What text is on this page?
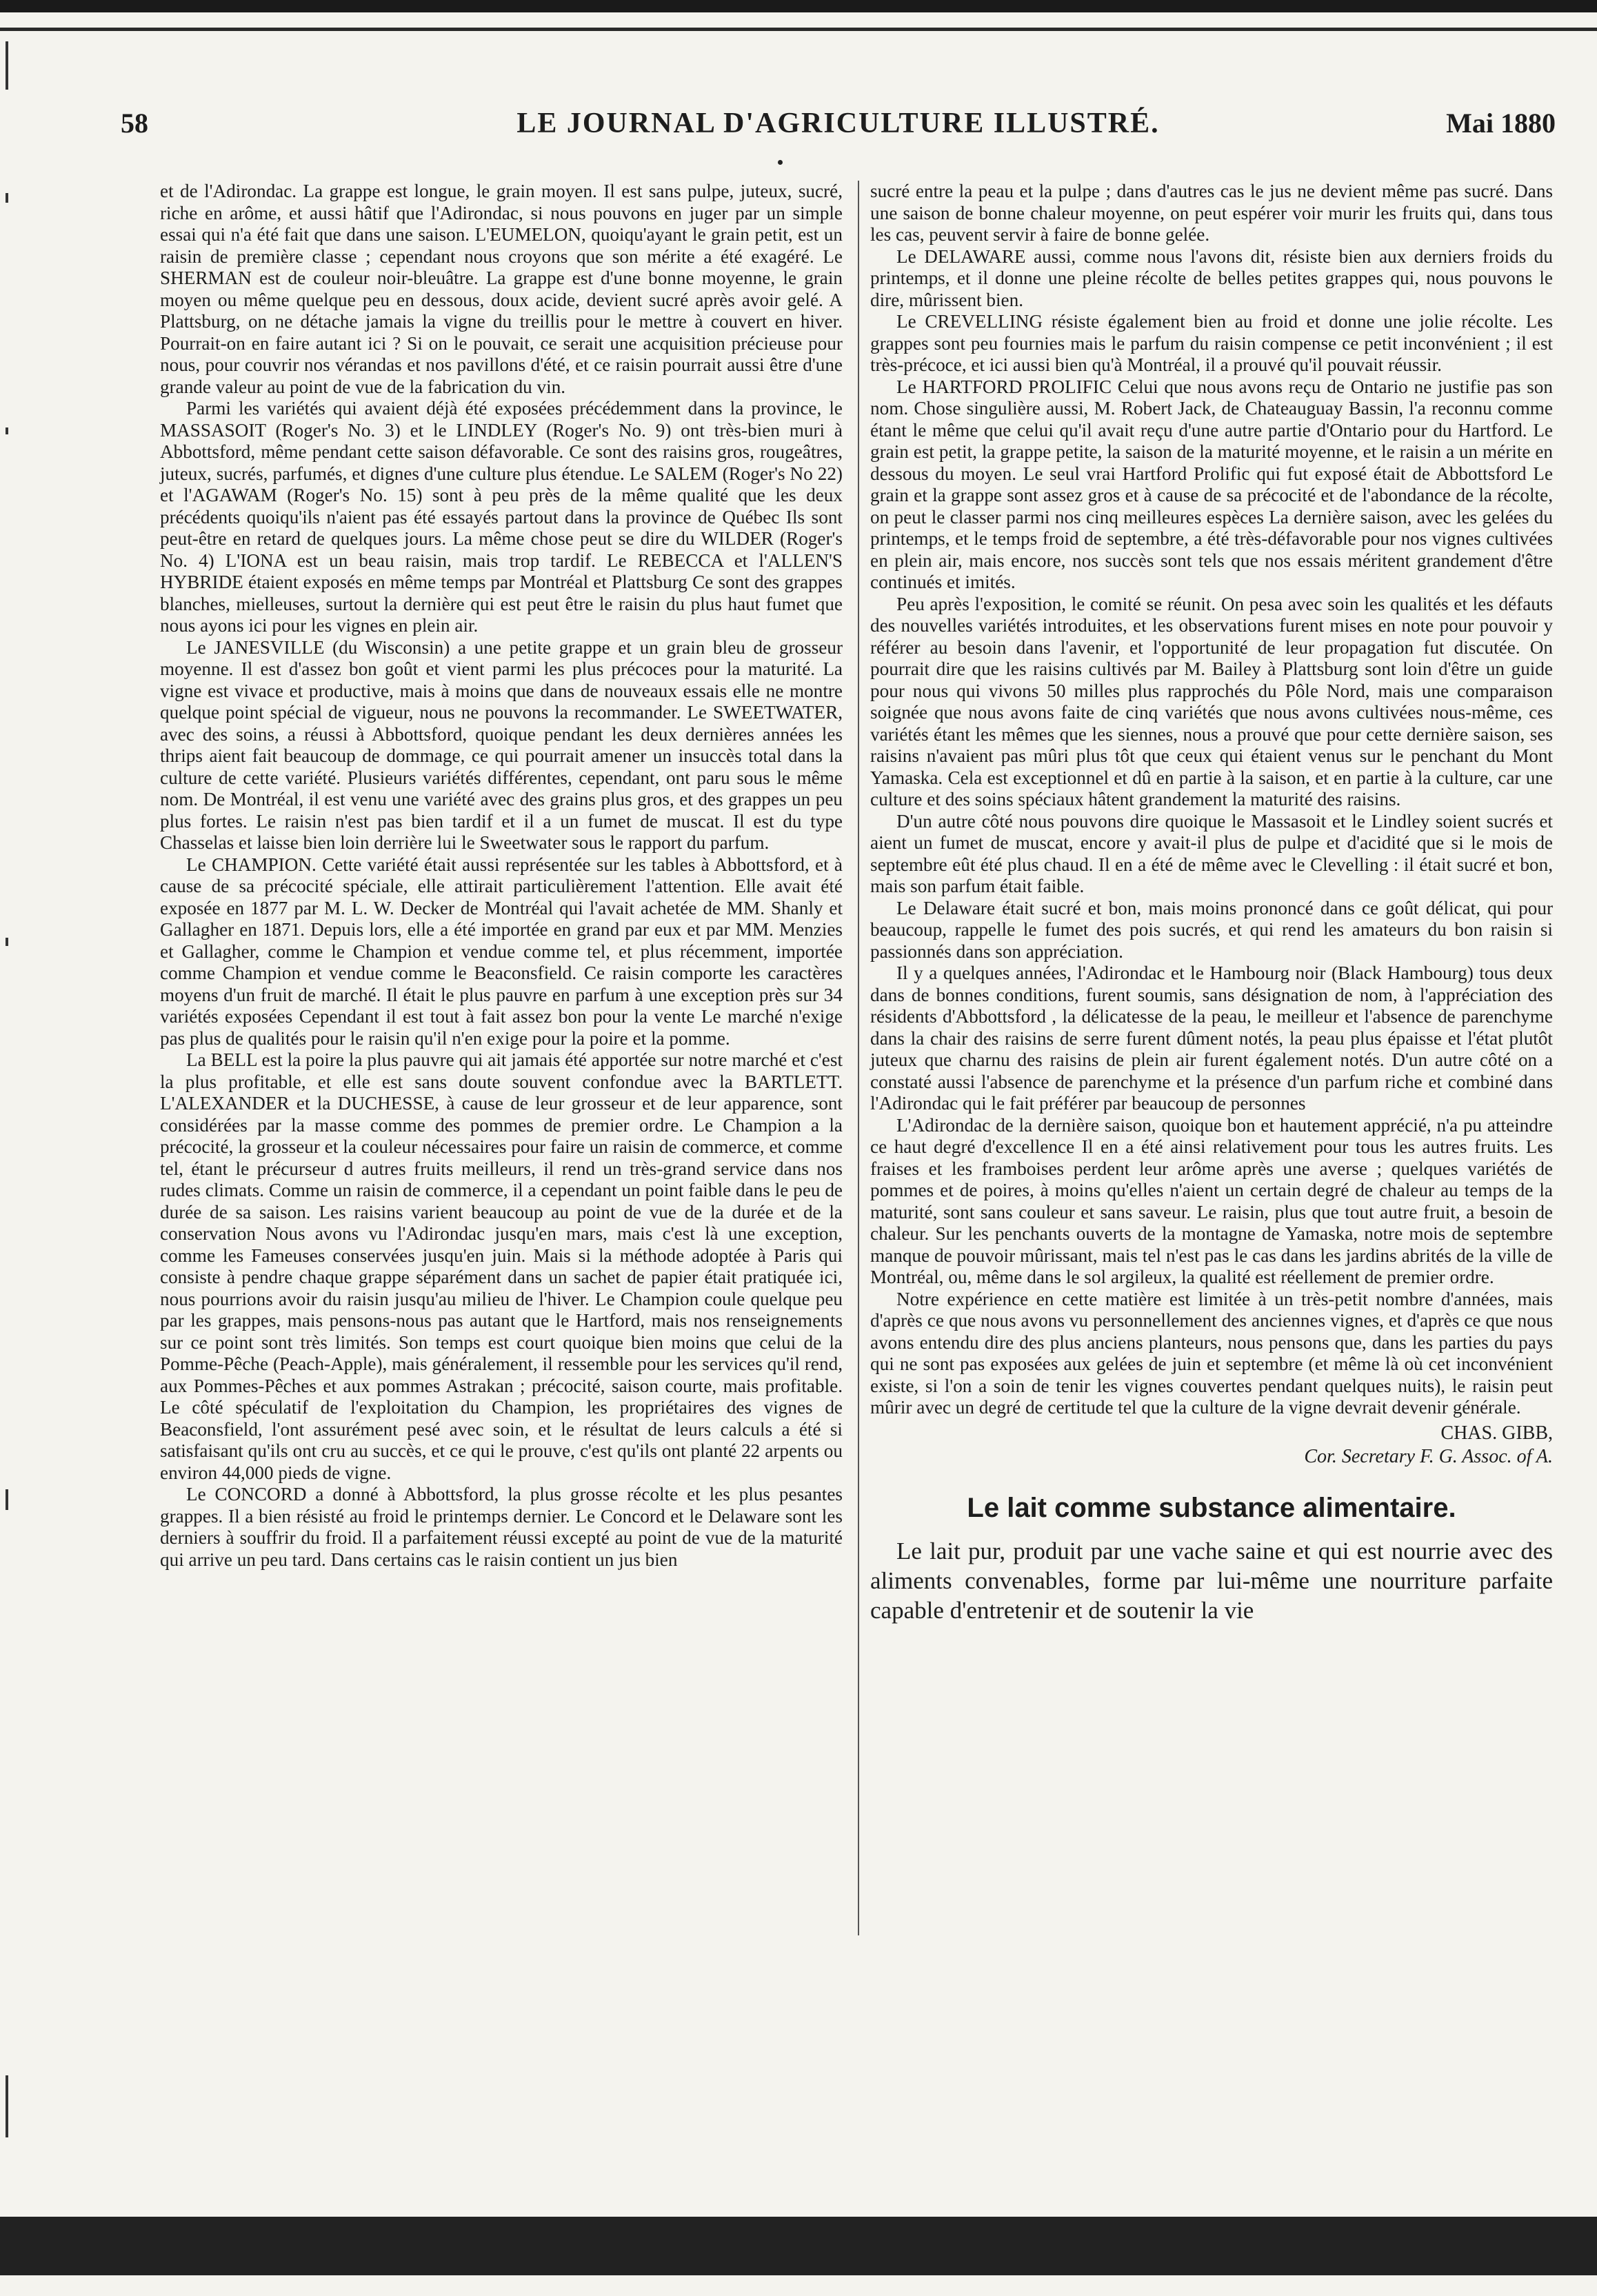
58	LE JOURNAL D'AGRICULTURE ILLUSTRÉ.	Mai 1880

et de l'Adirondac. La grappe est longue, le grain moyen. Il est sans pulpe, juteux, sucré, riche en arôme, et aussi hâtif que l'Adirondac, si nous pouvons en juger par un simple essai qui n'a été fait que dans une saison. L'EUMELON, quoiqu'ayant le grain petit, est un raisin de première classe ; cependant nous croyons que son mérite a été exagéré. Le SHERMAN est de couleur noir-bleuâtre. La grappe est d'une bonne moyenne, le grain moyen ou même quelque peu en dessous, doux acide, devient sucré après avoir gelé. A Plattsburg, on ne détache jamais la vigne du treillis pour le mettre à couvert en hiver. Pourrait-on en faire autant ici ? Si on le pouvait, ce serait une acquisition précieuse pour nous, pour couvrir nos vérandas et nos pavillons d'été, et ce raisin pourrait aussi être d'une grande valeur au point de vue de la fabrication du vin.

Parmi les variétés qui avaient déjà été exposées précédemment dans la province, le MASSASOIT (Roger's No. 3) et le LINDLEY (Roger's No. 9) ont très-bien muri à Abbottsford, même pendant cette saison défavorable. Ce sont des raisins gros, rougeâtres, juteux, sucrés, parfumés, et dignes d'une culture plus étendue. Le SALEM (Roger's No 22) et l'AGAWAM (Roger's No. 15) sont à peu près de la même qualité que les deux précédents quoiqu'ils n'aient pas été essayés partout dans la province de Québec Ils sont peut-être en retard de quelques jours. La même chose peut se dire du WILDER (Roger's No. 4) L'IONA est un beau raisin, mais trop tardif. Le REBECCA et l'ALLEN'S HYBRIDE étaient exposés en même temps par Montréal et Plattsburg Ce sont des grappes blanches, mielleuses, surtout la dernière qui est peut être le raisin du plus haut fumet que nous ayons ici pour les vignes en plein air.

Le JANESVILLE (du Wisconsin) a une petite grappe et un grain bleu de grosseur moyenne. Il est d'assez bon goût et vient parmi les plus précoces pour la maturité. La vigne est vivace et productive, mais à moins que dans de nouveaux essais elle ne montre quelque point spécial de vigueur, nous ne pouvons la recommander. Le SWEETWATER, avec des soins, a réussi à Abbottsford, quoique pendant les deux dernières années les thrips aient fait beaucoup de dommage, ce qui pourrait amener un insuccès total dans la culture de cette variété. Plusieurs variétés différentes, cependant, ont paru sous le même nom. De Montréal, il est venu une variété avec des grains plus gros, et des grappes un peu plus fortes. Le raisin n'est pas bien tardif et il a un fumet de muscat. Il est du type Chasselas et laisse bien loin derrière lui le Sweetwater sous le rapport du parfum.

Le CHAMPION. Cette variété était aussi représentée sur les tables à Abbottsford, et à cause de sa précocité spéciale, elle attirait particulièrement l'attention. Elle avait été exposée en 1877 par M. L. W. Decker de Montréal qui l'avait achetée de MM. Shanly et Gallagher en 1871. Depuis lors, elle a été importée en grand par eux et par MM. Menzies et Gallagher, comme le Champion et vendue comme tel, et plus récemment, importée comme Champion et vendue comme le Beaconsfield. Ce raisin comporte les caractères moyens d'un fruit de marché. Il était le plus pauvre en parfum à une exception près sur 34 variétés exposées Cependant il est tout à fait assez bon pour la vente Le marché n'exige pas plus de qualités pour le raisin qu'il n'en exige pour la poire et la pomme.

La BELL est la poire la plus pauvre qui ait jamais été apportée sur notre marché et c'est la plus profitable, et elle est sans doute souvent confondue avec la BARTLETT. L'ALEXANDER et la DUCHESSE, à cause de leur grosseur et de leur apparence, sont considérées par la masse comme des pommes de premier ordre. Le Champion a la précocité, la grosseur et la couleur nécessaires pour faire un raisin de commerce, et comme tel, étant le précurseur d autres fruits meilleurs, il rend un très-grand service dans nos rudes climats. Comme un raisin de commerce, il a cependant un point faible dans le peu de durée de sa saison. Les raisins varient beaucoup au point de vue de la durée et de la conservation Nous avons vu l'Adirondac jusqu'en mars, mais c'est là une exception, comme les Fameuses conservées jusqu'en juin. Mais si la méthode adoptée à Paris qui consiste à pendre chaque grappe séparément dans un sachet de papier était pratiquée ici, nous pourrions avoir du raisin jusqu'au milieu de l'hiver. Le Champion coule quelque peu par les grappes, mais pensons-nous pas autant que le Hartford, mais nos renseignements sur ce point sont très limités. Son temps est court quoique bien moins que celui de la Pomme-Pêche (Peach-Apple), mais généralement, il ressemble pour les services qu'il rend, aux Pommes-Pêches et aux pommes Astrakan ; précocité, saison courte, mais profitable. Le côté spéculatif de l'exploitation du Champion, les propriétaires des vignes de Beaconsfield, l'ont assurément pesé avec soin, et le résultat de leurs calculs a été si satisfaisant qu'ils ont cru au succès, et ce qui le prouve, c'est qu'ils ont planté 22 arpents ou environ 44,000 pieds de vigne.

Le CONCORD a donné à Abbottsford, la plus grosse récolte et les plus pesantes grappes. Il a bien résisté au froid le printemps dernier. Le Concord et le Delaware sont les derniers à souffrir du froid. Il a parfaitement réussi excepté au point de vue de la maturité qui arrive un peu tard. Dans certains cas le raisin contient un jus bien

sucré entre la peau et la pulpe ; dans d'autres cas le jus ne devient même pas sucré. Dans une saison de bonne chaleur moyenne, on peut espérer voir murir les fruits qui, dans tous les cas, peuvent servir à faire de bonne gelée.

Le DELAWARE aussi, comme nous l'avons dit, résiste bien aux derniers froids du printemps, et il donne une pleine récolte de belles petites grappes qui, nous pouvons le dire, mûrissent bien.

Le CREVELLING résiste également bien au froid et donne une jolie récolte. Les grappes sont peu fournies mais le parfum du raisin compense ce petit inconvénient ; il est très-précoce, et ici aussi bien qu'à Montréal, il a prouvé qu'il pouvait réussir.

Le HARTFORD PROLIFIC Celui que nous avons reçu de Ontario ne justifie pas son nom. Chose singulière aussi, M. Robert Jack, de Chateauguay Bassin, l'a reconnu comme étant le même que celui qu'il avait reçu d'une autre partie d'Ontario pour du Hartford. Le grain est petit, la grappe petite, la saison de la maturité moyenne, et le raisin a un mérite en dessous du moyen. Le seul vrai Hartford Prolific qui fut exposé était de Abbottsford Le grain et la grappe sont assez gros et à cause de sa précocité et de l'abondance de la récolte, on peut le classer parmi nos cinq meilleures espèces La dernière saison, avec les gelées du printemps, et le temps froid de septembre, a été très-défavorable pour nos vignes cultivées en plein air, mais encore, nos succès sont tels que nos essais méritent grandement d'être continués et imités.

Peu après l'exposition, le comité se réunit. On pesa avec soin les qualités et les défauts des nouvelles variétés introduites, et les observations furent mises en note pour pouvoir y référer au besoin dans l'avenir, et l'opportunité de leur propagation fut discutée. On pourrait dire que les raisins cultivés par M. Bailey à Plattsburg sont loin d'être un guide pour nous qui vivons 50 milles plus rapprochés du Pôle Nord, mais une comparaison soignée que nous avons faite de cinq variétés que nous avons cultivées nous-même, ces variétés étant les mêmes que les siennes, nous a prouvé que pour cette dernière saison, ses raisins n'avaient pas mûri plus tôt que ceux qui étaient venus sur le penchant du Mont Yamaska. Cela est exceptionnel et dû en partie à la saison, et en partie à la culture, car une culture et des soins spéciaux hâtent grandement la maturité des raisins.

D'un autre côté nous pouvons dire quoique le Massasoit et le Lindley soient sucrés et aient un fumet de muscat, encore y avait-il plus de pulpe et d'acidité que si le mois de septembre eût été plus chaud. Il en a été de même avec le Clevelling : il était sucré et bon, mais son parfum était faible.

Le Delaware était sucré et bon, mais moins prononcé dans ce goût délicat, qui pour beaucoup, rappelle le fumet des pois sucrés, et qui rend les amateurs du bon raisin si passionnés dans son appréciation.

Il y a quelques années, l'Adirondac et le Hambourg noir (Black Hambourg) tous deux dans de bonnes conditions, furent soumis, sans désignation de nom, à l'appréciation des résidents d'Abbottsford , la délicatesse de la peau, le meilleur et l'absence de parenchyme dans la chair des raisins de serre furent dûment notés, la peau plus épaisse et l'état plutôt juteux que charnu des raisins de plein air furent également notés. D'un autre côté on a constaté aussi l'absence de parenchyme et la présence d'un parfum riche et combiné dans l'Adirondac qui le fait préférer par beaucoup de personnes

L'Adirondac de la dernière saison, quoique bon et hautement apprécié, n'a pu atteindre ce haut degré d'excellence Il en a été ainsi relativement pour tous les autres fruits. Les fraises et les framboises perdent leur arôme après une averse ; quelques variétés de pommes et de poires, à moins qu'elles n'aient un certain degré de chaleur au temps de la maturité, sont sans couleur et sans saveur. Le raisin, plus que tout autre fruit, a besoin de chaleur. Sur les penchants ouverts de la montagne de Yamaska, notre mois de septembre manque de pouvoir mûrissant, mais tel n'est pas le cas dans les jardins abrités de la ville de Montréal, ou, même dans le sol argileux, la qualité est réellement de premier ordre.

Notre expérience en cette matière est limitée à un très-petit nombre d'années, mais d'après ce que nous avons vu personnellement des anciennes vignes, et d'après ce que nous avons entendu dire des plus anciens planteurs, nous pensons que, dans les parties du pays qui ne sont pas exposées aux gelées de juin et septembre (et même là où cet inconvénient existe, si l'on a soin de tenir les vignes couvertes pendant quelques nuits), le raisin peut mûrir avec un degré de certitude tel que la culture de la vigne devrait devenir générale.

CHAS. GIBB,
Cor. Secretary F. G. Assoc. of A.
Le lait comme substance alimentaire.

Le lait pur, produit par une vache saine et qui est nourrie avec des aliments convenables, forme par lui-même une nourriture parfaite capable d'entretenir et de soutenir la vie
